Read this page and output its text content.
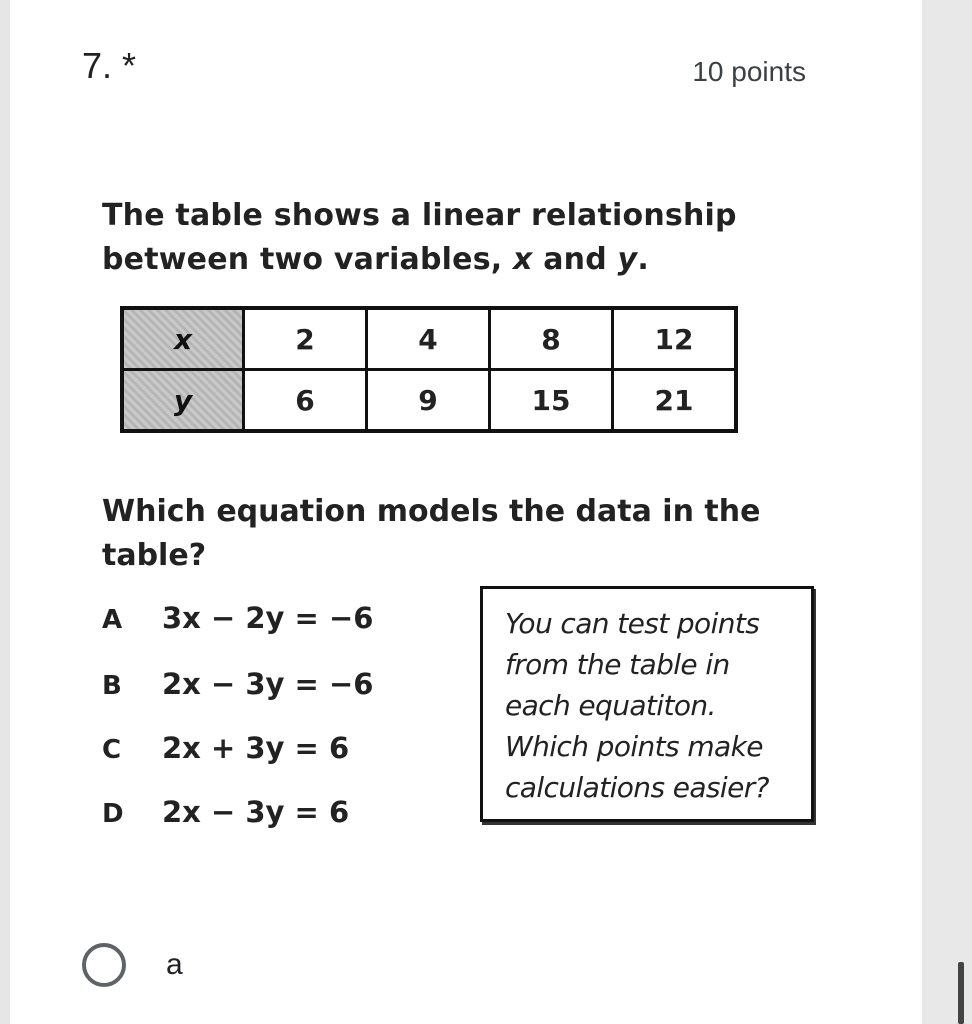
7. *	10 points
The table shows a linear relationship
between two variables, x and y.
x	2	4	8	12
y	6	9	15	21
Which equation models the data in the
table?
A 3x − 2y = −6
B 2x − 3y = −6
C 2x + 3y = 6
D 2x − 3y = 6
You can test points
from the table in
each equatiton.
Which points make
calculations easier?
a
